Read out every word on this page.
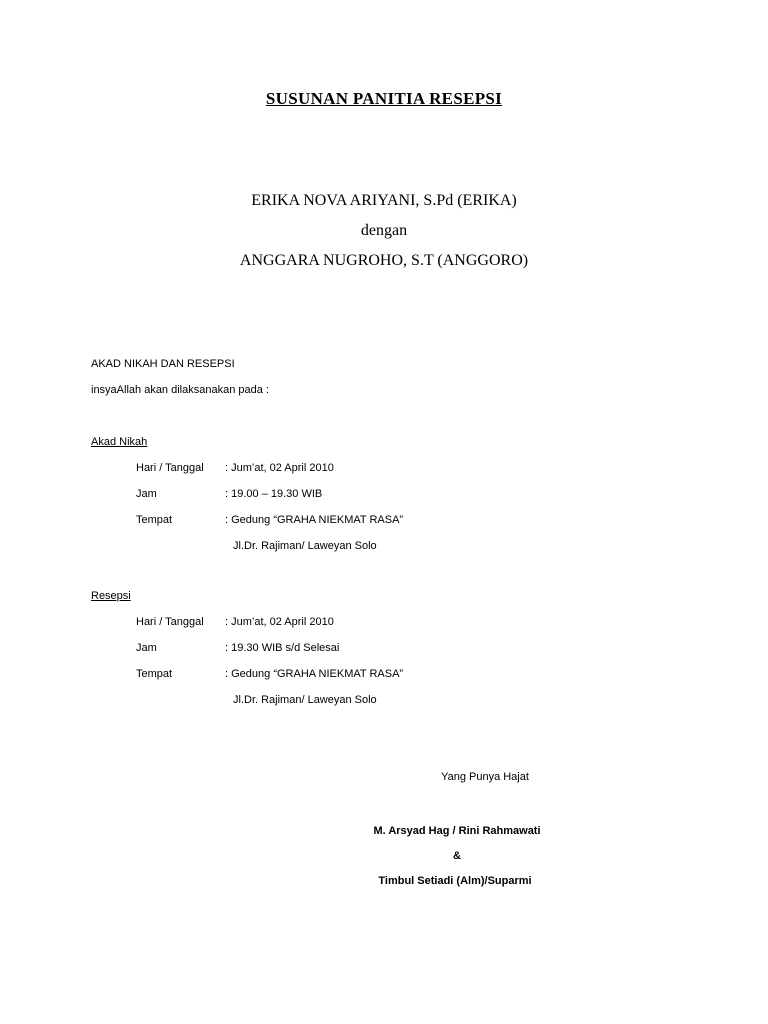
SUSUNAN PANITIA RESEPSI
ERIKA NOVA ARIYANI, S.Pd (ERIKA)
dengan
ANGGARA NUGROHO, S.T (ANGGORO)
AKAD NIKAH DAN RESEPSI
insyaAllah akan dilaksanakan pada :
Akad Nikah
Hari / Tanggal : Jum’at, 02 April 2010
Jam	: 19.00 – 19.30 WIB
Tempat	: Gedung “GRAHA NIEKMAT RASA”
Jl.Dr. Rajiman/ Laweyan Solo
Resepsi
Hari / Tanggal : Jum’at, 02 April 2010
Jam	: 19.30 WIB s/d Selesai
Tempat	: Gedung “GRAHA NIEKMAT RASA”
Jl.Dr. Rajiman/ Laweyan Solo
Yang Punya Hajat
M. Arsyad Hag / Rini Rahmawati
&
Timbul Setiadi (Alm)/Suparmi
